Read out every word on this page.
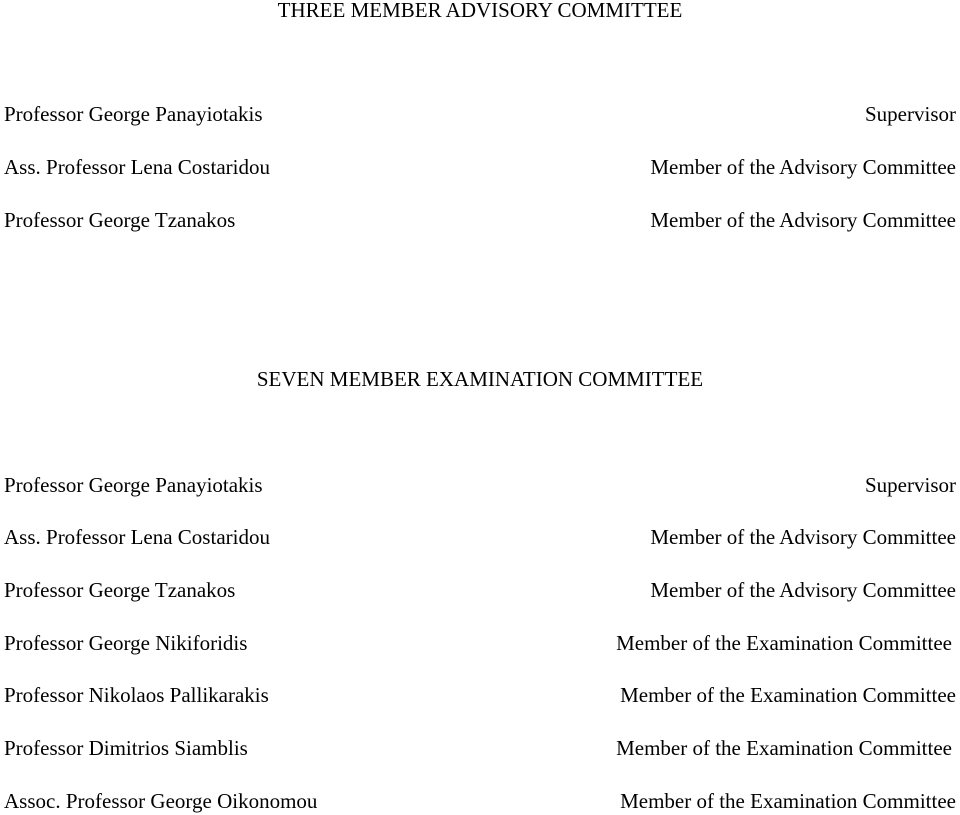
THREE MEMBER ADVISORY COMMITTEE
Professor George Panayiotakis	Supervisor
Ass. Professor Lena Costaridou	Member of the Advisory Committee
Professor George Tzanakos	Member of the Advisory Committee
SEVEN MEMBER EXAMINATION COMMITTEE
Professor George Panayiotakis	Supervisor
Ass. Professor Lena Costaridou	Member of the Advisory Committee
Professor George Tzanakos	Member of the Advisory Committee
Professor George Nikiforidis	Member of the Examination Committee
Professor Nikolaos Pallikarakis	Member of the Examination Committee
Professor Dimitrios Siamblis	Member of the Examination Committee
Assoc. Professor George Oikonomou	Member of the Examination Committee
